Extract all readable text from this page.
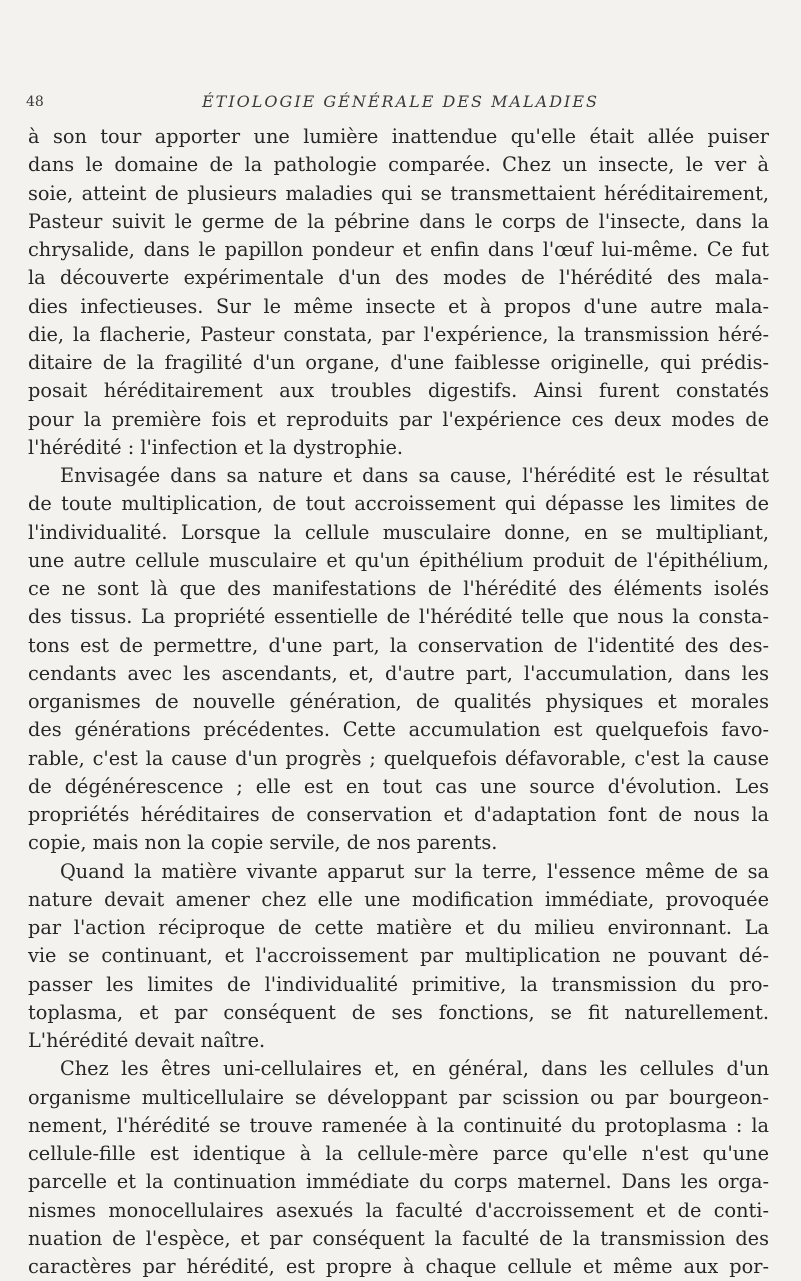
48	ÉTIOLOGIE GÉNÉRALE DES MALADIES
à son tour apporter une lumière inattendue qu'elle était allée puiser
dans le domaine de la pathologie comparée. Chez un insecte, le ver à
soie, atteint de plusieurs maladies qui se transmettaient héréditairement,
Pasteur suivit le germe de la pébrine dans le corps de l'insecte, dans la
chrysalide, dans le papillon pondeur et enfin dans l'œuf lui-même. Ce fut
la découverte expérimentale d'un des modes de l'hérédité des mala-
dies infectieuses. Sur le même insecte et à propos d'une autre mala-
die, la flacherie, Pasteur constata, par l'expérience, la transmission héré-
ditaire de la fragilité d'un organe, d'une faiblesse originelle, qui prédis-
posait héréditairement aux troubles digestifs. Ainsi furent constatés
pour la première fois et reproduits par l'expérience ces deux modes de
l'hérédité : l'infection et la dystrophie.
Envisagée dans sa nature et dans sa cause, l'hérédité est le résultat
de toute multiplication, de tout accroissement qui dépasse les limites de
l'individualité. Lorsque la cellule musculaire donne, en se multipliant,
une autre cellule musculaire et qu'un épithélium produit de l'épithélium,
ce ne sont là que des manifestations de l'hérédité des éléments isolés
des tissus. La propriété essentielle de l'hérédité telle que nous la consta-
tons est de permettre, d'une part, la conservation de l'identité des des-
cendants avec les ascendants, et, d'autre part, l'accumulation, dans les
organismes de nouvelle génération, de qualités physiques et morales
des générations précédentes. Cette accumulation est quelquefois favo-
rable, c'est la cause d'un progrès ; quelquefois défavorable, c'est la cause
de dégénérescence ; elle est en tout cas une source d'évolution. Les
propriétés héréditaires de conservation et d'adaptation font de nous la
copie, mais non la copie servile, de nos parents.
Quand la matière vivante apparut sur la terre, l'essence même de sa
nature devait amener chez elle une modification immédiate, provoquée
par l'action réciproque de cette matière et du milieu environnant. La
vie se continuant, et l'accroissement par multiplication ne pouvant dé-
passer les limites de l'individualité primitive, la transmission du pro-
toplasma, et par conséquent de ses fonctions, se fit naturellement.
L'hérédité devait naître.
Chez les êtres uni-cellulaires et, en général, dans les cellules d'un
organisme multicellulaire se développant par scission ou par bourgeon-
nement, l'hérédité se trouve ramenée à la continuité du protoplasma : la
cellule-fille est identique à la cellule-mère parce qu'elle n'est qu'une
parcelle et la continuation immédiate du corps maternel. Dans les orga-
nismes monocellulaires asexués la faculté d'accroissement et de conti-
nuation de l'espèce, et par conséquent la faculté de la transmission des
caractères par hérédité, est propre à chaque cellule et même aux por-
